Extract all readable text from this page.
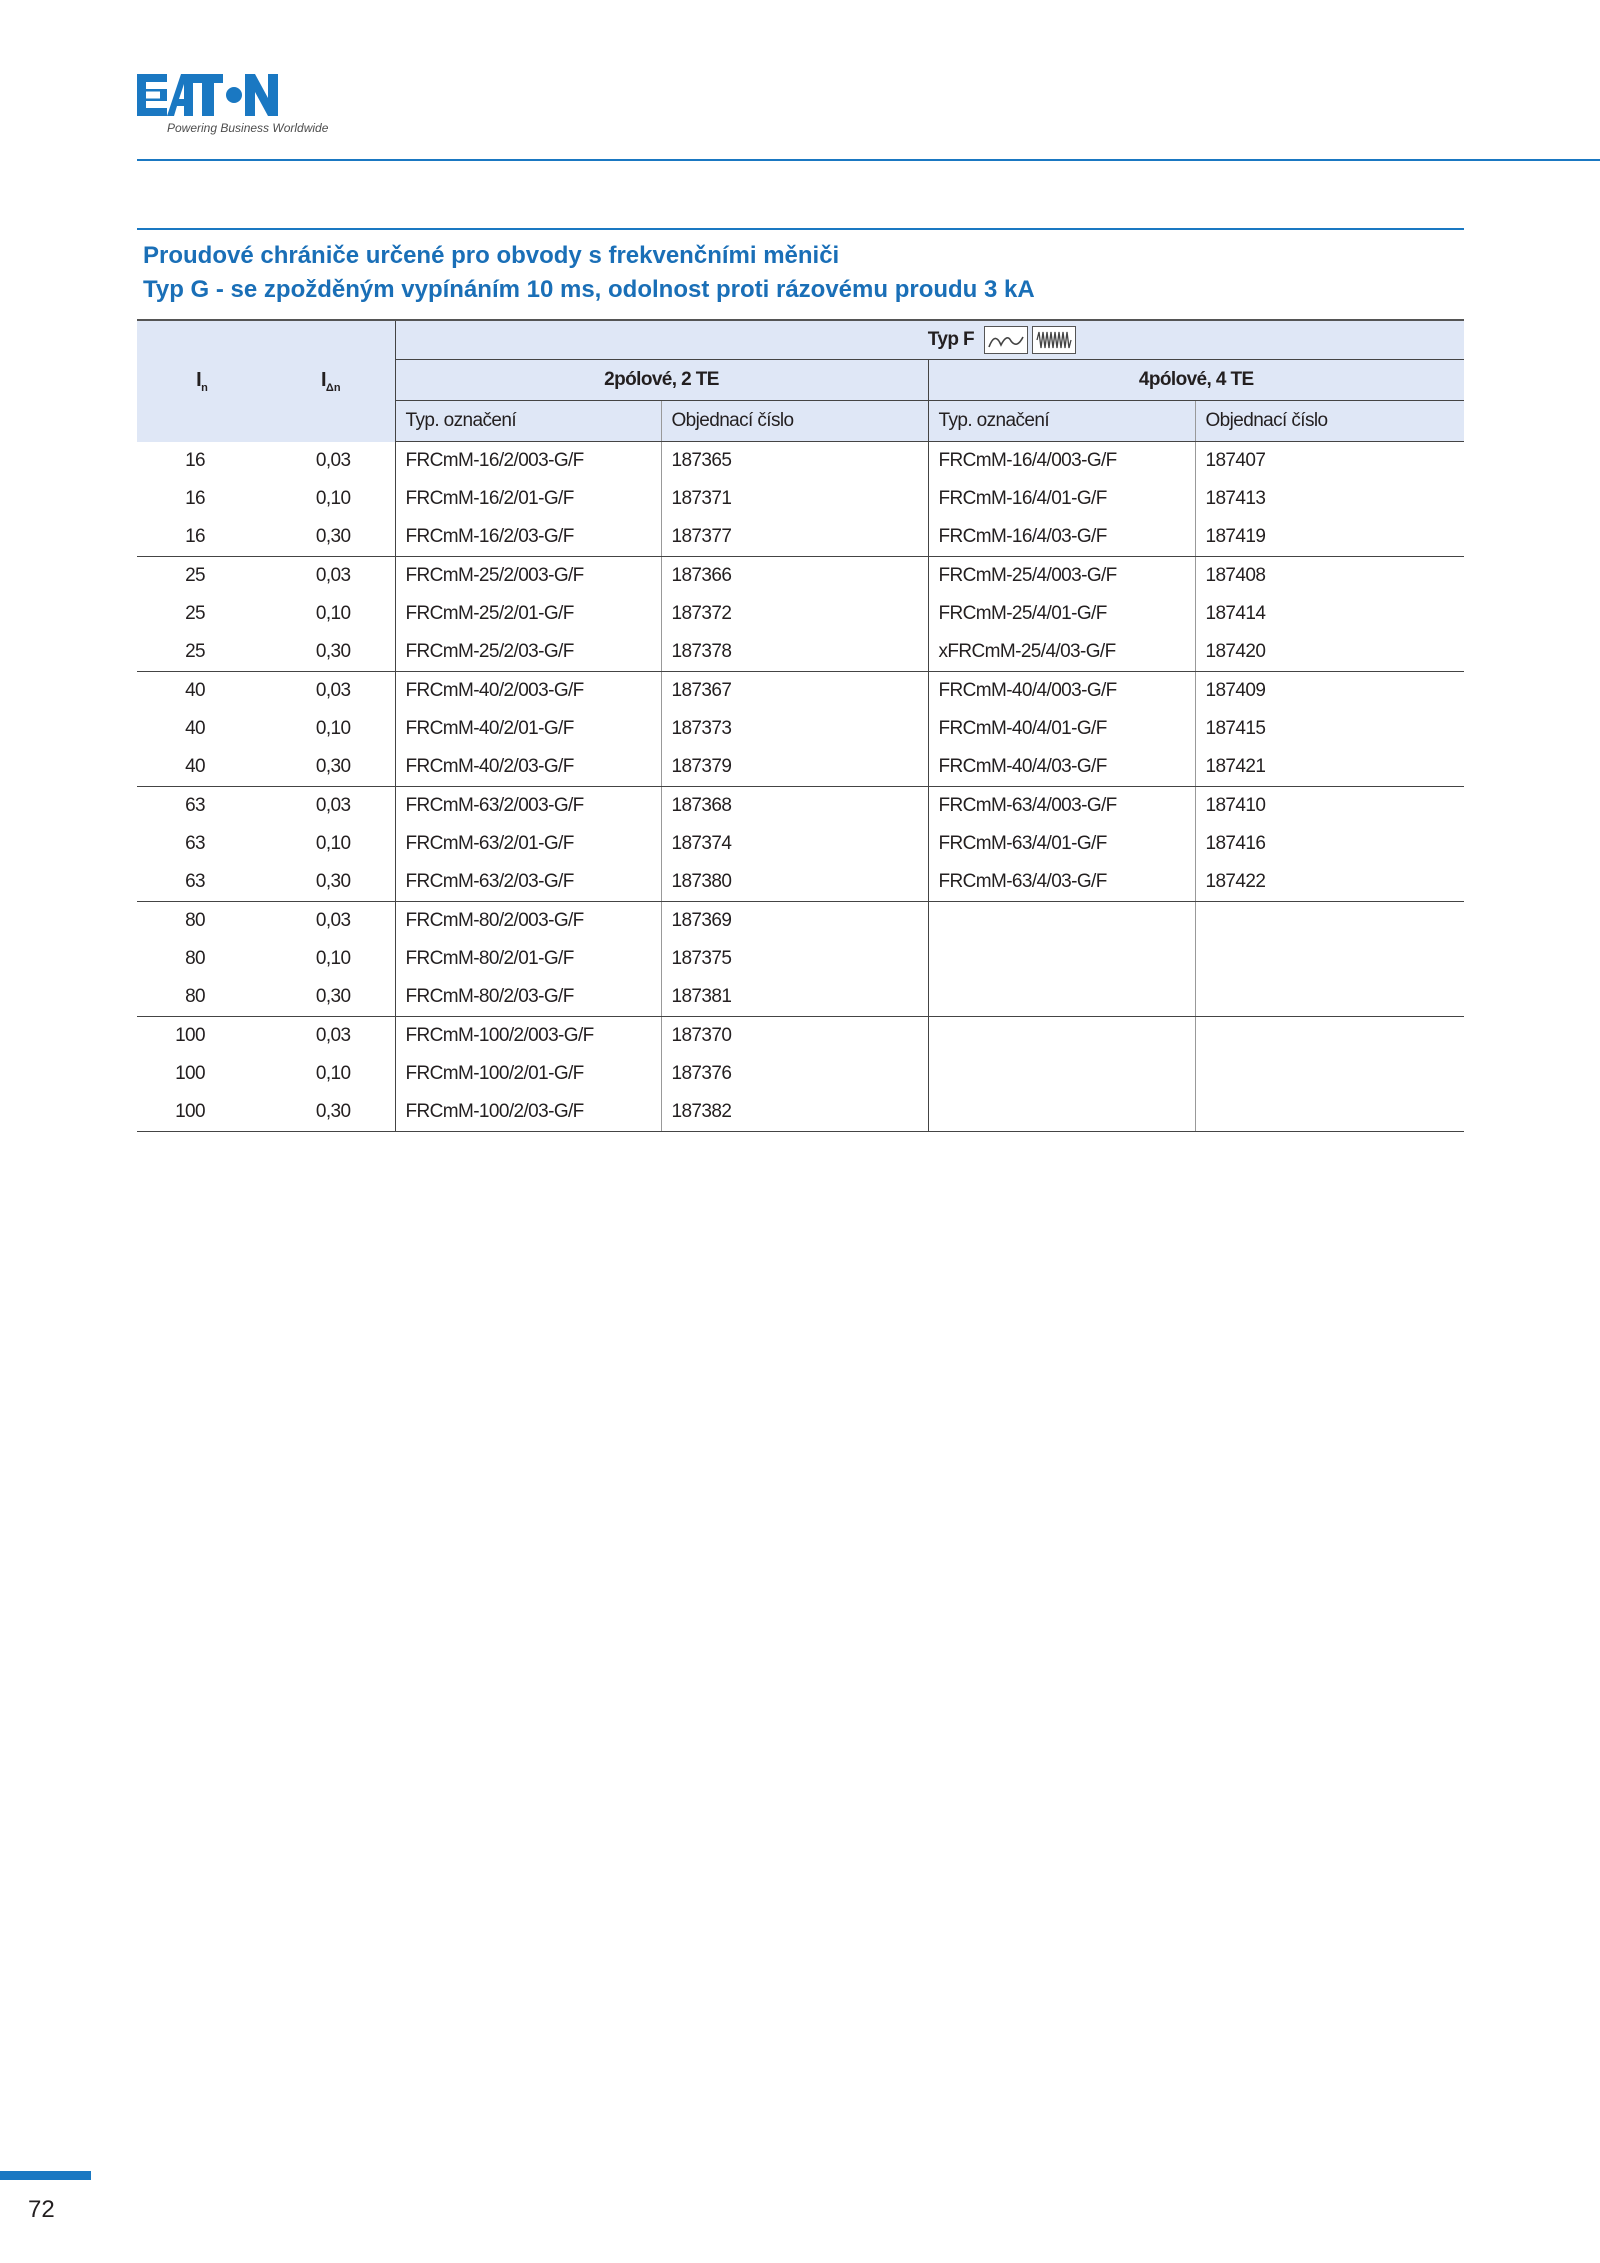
Powering Business Worldwide
Proudové chrániče určené pro obvody s frekvenčními měniči
Typ G - se zpožděným vypínáním 10 ms, odolnost proti rázovému proudu 3 kA
$I_n$	$I_{\Delta n}$	Typ F			

		2pólové, 2 TE		4pólové, 4 TE	
		Typ. označení	Objednací číslo	Typ. označení	Objednací číslo
16	0,03	FRCmM-16/2/003-G/F	187365	FRCmM-16/4/003-G/F	187407
16	0,10	FRCmM-16/2/01-G/F	187371	FRCmM-16/4/01-G/F	187413
16	0,30	FRCmM-16/2/03-G/F	187377	FRCmM-16/4/03-G/F	187419
25	0,03	FRCmM-25/2/003-G/F	187366	FRCmM-25/4/003-G/F	187408
25	0,10	FRCmM-25/2/01-G/F	187372	FRCmM-25/4/01-G/F	187414
25	0,30	FRCmM-25/2/03-G/F	187378	xFRCmM-25/4/03-G/F	187420
40	0,03	FRCmM-40/2/003-G/F	187367	FRCmM-40/4/003-G/F	187409
40	0,10	FRCmM-40/2/01-G/F	187373	FRCmM-40/4/01-G/F	187415
40	0,30	FRCmM-40/2/03-G/F	187379	FRCmM-40/4/03-G/F	187421
63	0,03	FRCmM-63/2/003-G/F	187368	FRCmM-63/4/003-G/F	187410
63	0,10	FRCmM-63/2/01-G/F	187374	FRCmM-63/4/01-G/F	187416
63	0,30	FRCmM-63/2/03-G/F	187380	FRCmM-63/4/03-G/F	187422
80	0,03	FRCmM-80/2/003-G/F	187369		
80	0,10	FRCmM-80/2/01-G/F	187375		
80	0,30	FRCmM-80/2/03-G/F	187381		
100	0,03	FRCmM-100/2/003-G/F	187370		
100	0,10	FRCmM-100/2/01-G/F	187376		
100	0,30	FRCmM-100/2/03-G/F	187382		
72
